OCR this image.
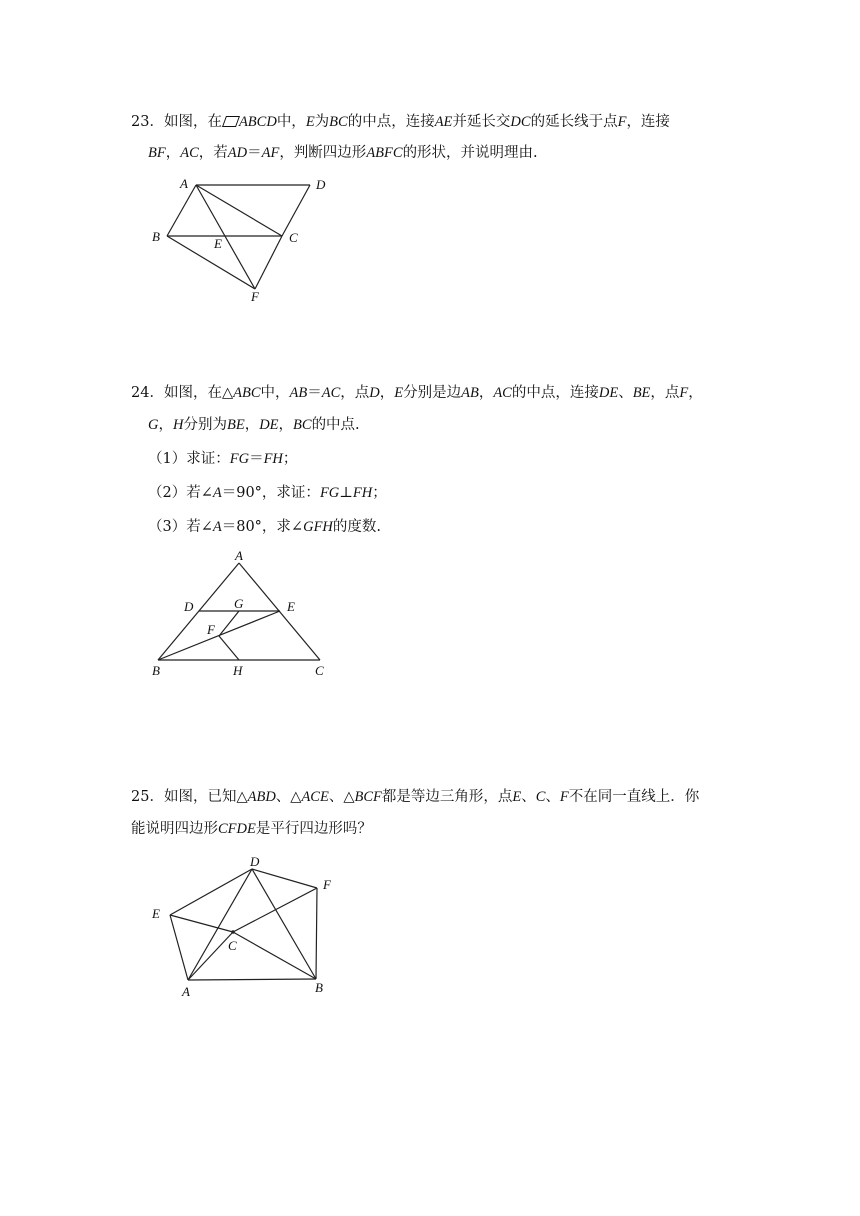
23．如图，在 ABCD中，E为BC的中点，连接AE并延长交DC的延长线于点F，连接
BF，AC，若AD＝AF，判断四边形ABFC的形状，并说明理由.
A	D
B	E	C
F
24．如图，在△ABC中，AB＝AC，点D，E分别是边AB，AC的中点，连接DE、BE，点F，
G，H分别为BE，DE，BC的中点.
（1）求证：FG＝FH；
（2）若∠A＝90°，求证：FG⊥FH；
（3）若∠A＝80°，求∠GFH的度数.
A
D	G	E
F
B	H	C
25．如图，已知△ABD、△ACE、△BCF都是等边三角形，点E、C、F不在同一直线上．你
能说明四边形CFDE是平行四边形吗？
D
F
E
C
A	B
